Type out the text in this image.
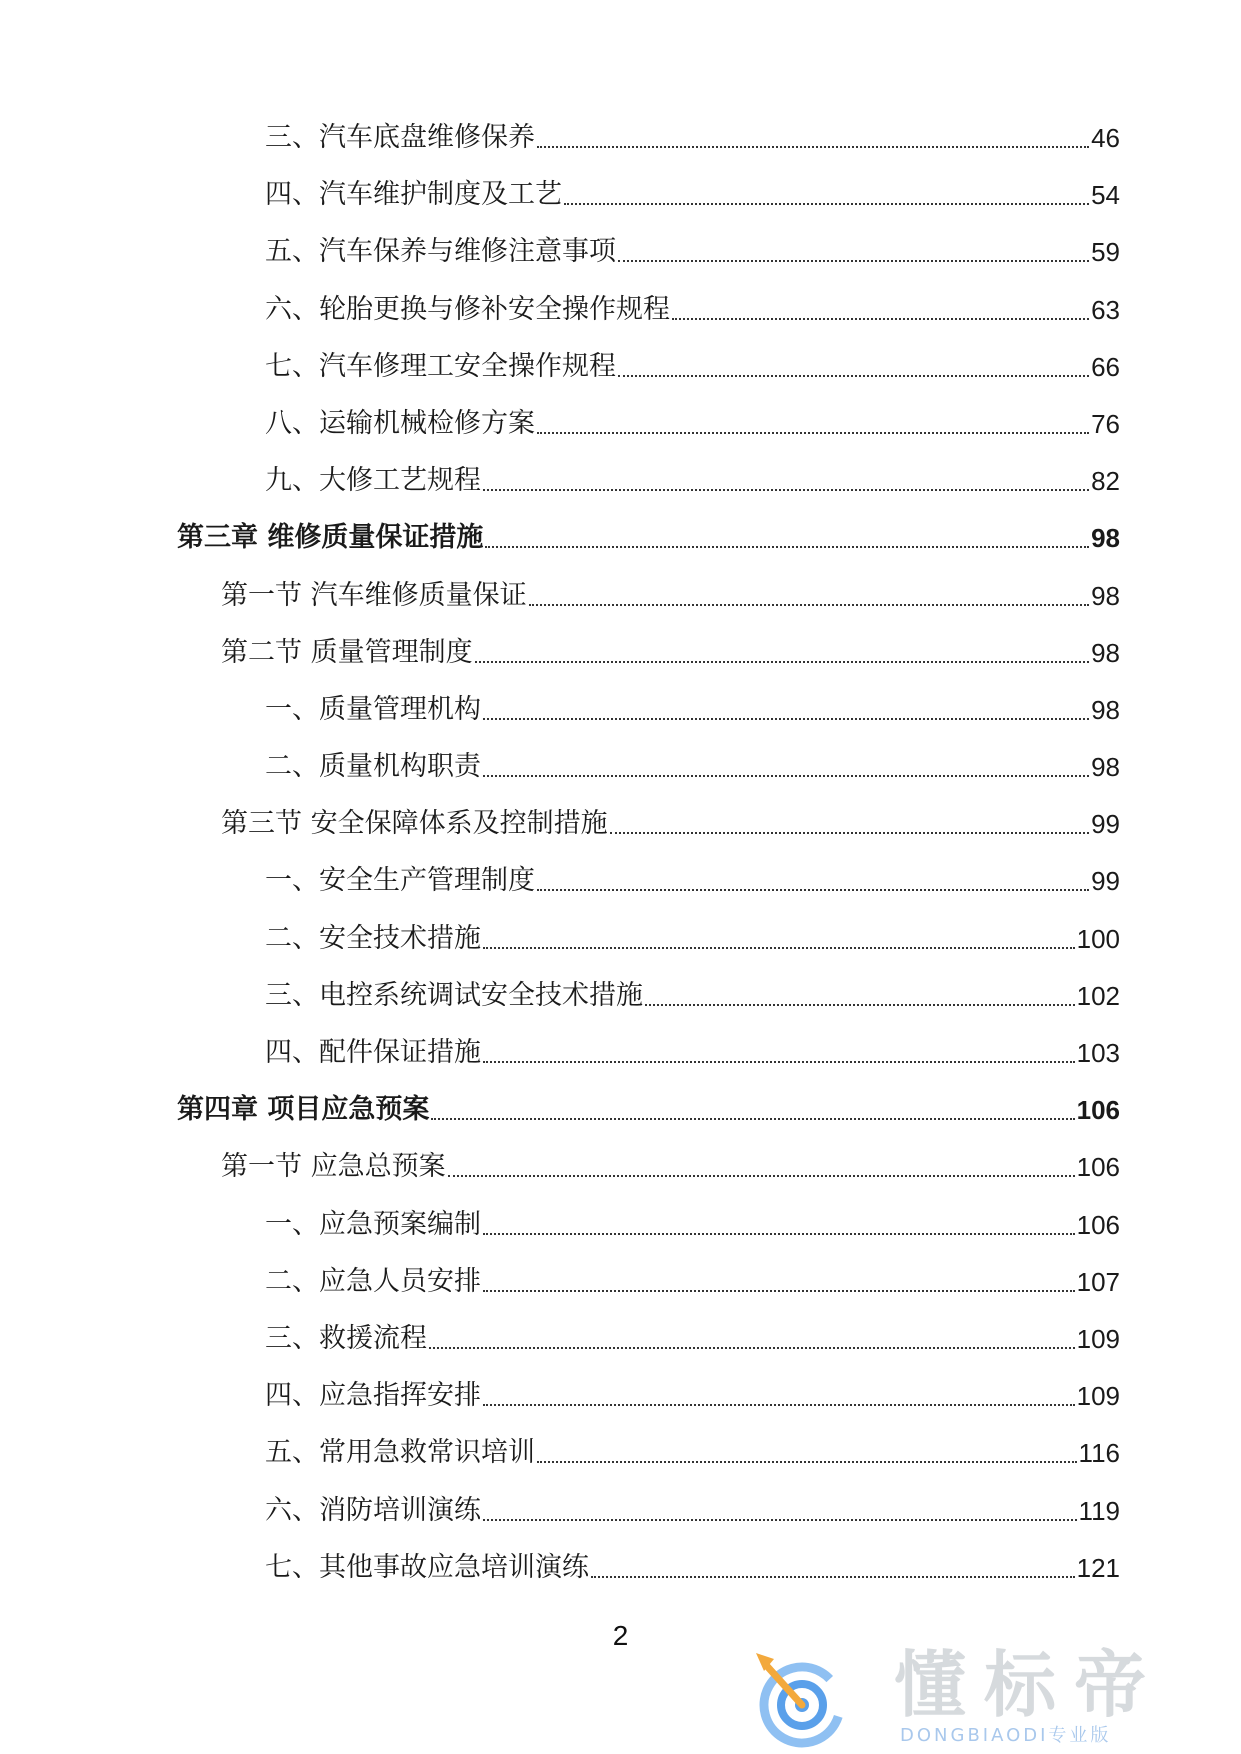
三、汽车底盘维修保养	46
四、汽车维护制度及工艺	54
五、汽车保养与维修注意事项	59
六、轮胎更换与修补安全操作规程	63
七、汽车修理工安全操作规程	66
八、运输机械检修方案	76
九、大修工艺规程	82
第三章 维修质量保证措施	98
第一节 汽车维修质量保证	98
第二节 质量管理制度	98
一、质量管理机构	98
二、质量机构职责	98
第三节 安全保障体系及控制措施	99
一、安全生产管理制度	99
二、安全技术措施	100
三、电控系统调试安全技术措施	102
四、配件保证措施	103
第四章 项目应急预案	106
第一节 应急总预案	106
一、应急预案编制	106
二、应急人员安排	107
三、救援流程	109
四、应急指挥安排	109
五、常用急救常识培训	116
六、消防培训演练	119
七、其他事故应急培训演练	121
2
懂标帝
DONGBIAODI专业版
